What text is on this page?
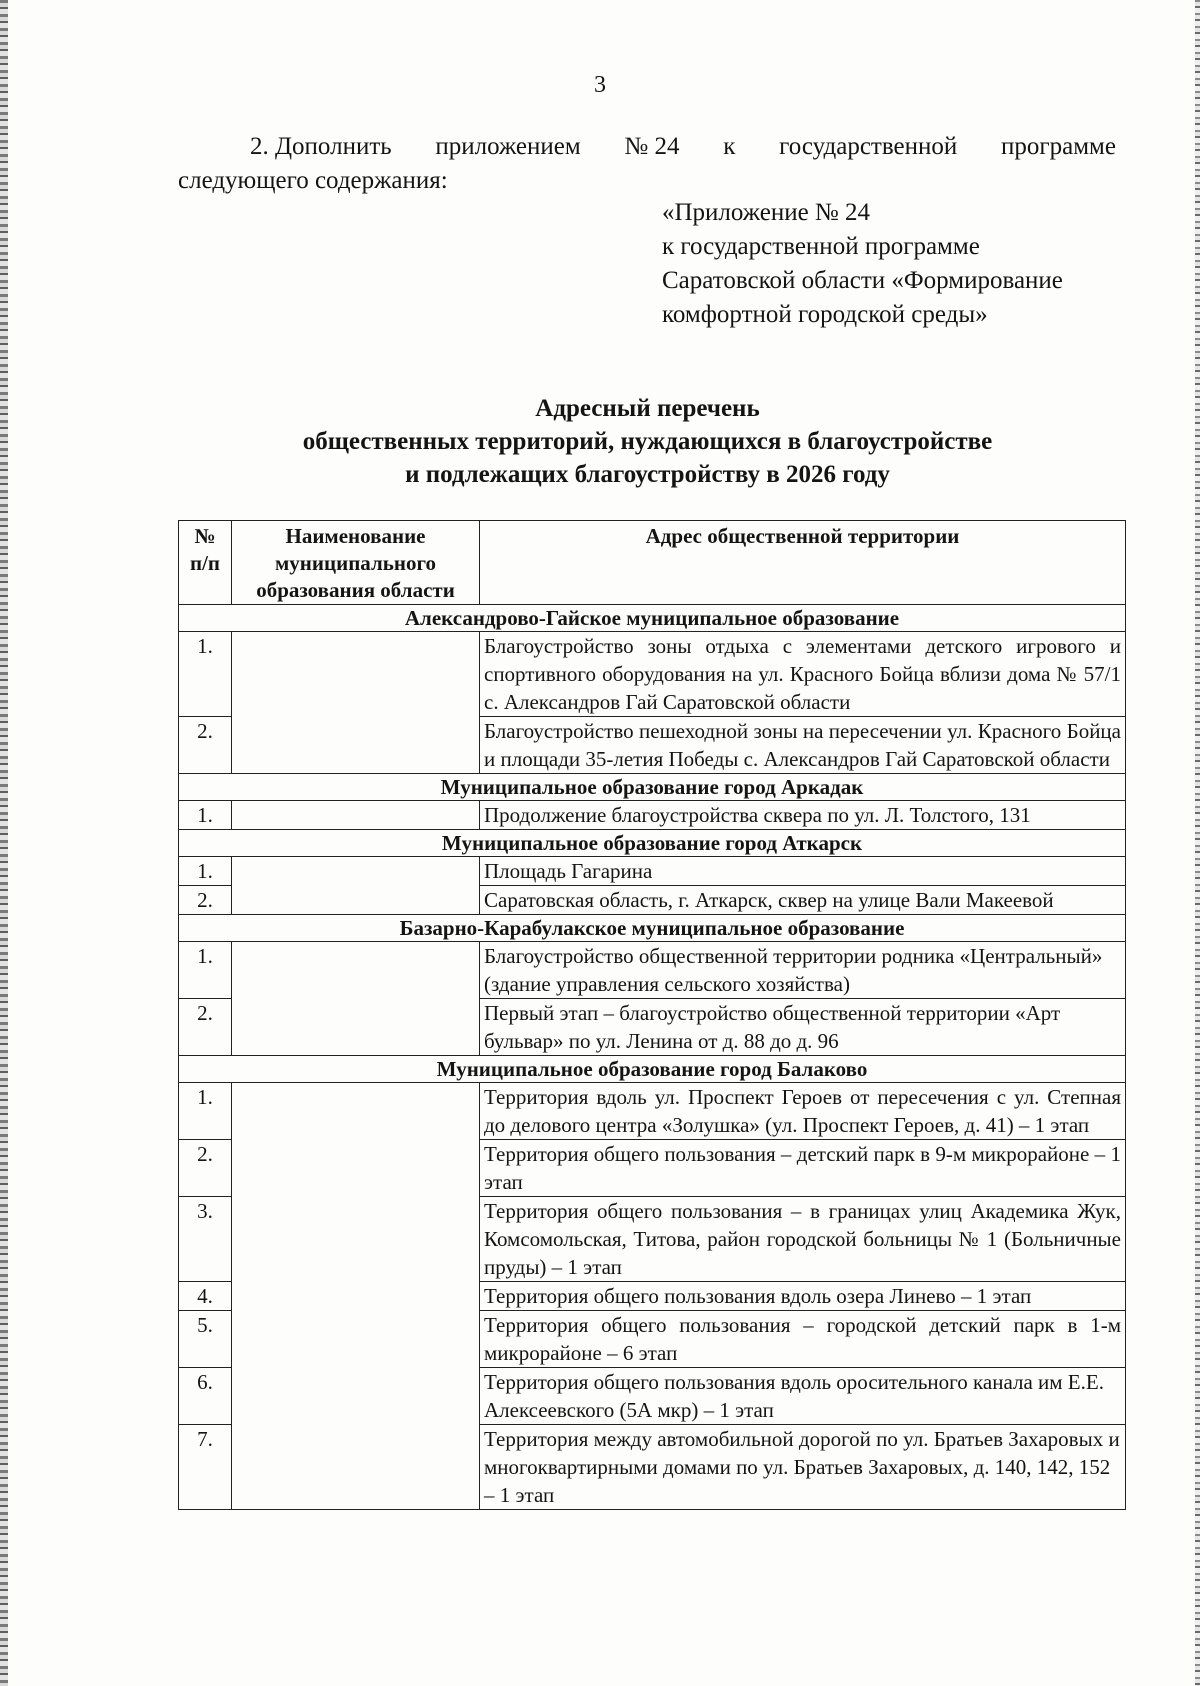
3
2. Дополнить приложением № 24 к государственной программе
следующего содержания:
«Приложение № 24
к государственной программе
Саратовской области «Формирование
комфортной городской среды»
Адресный перечень
общественных территорий, нуждающихся в благоустройстве
и подлежащих благоустройству в 2026 году
№ п/п	Наименование муниципального образования области	Адрес общественной территории
Александрово-Гайское муниципальное образование		
1.		Благоустройство зоны отдыха с элементами детского игрового и спортивного оборудования на ул. Красного Бойца вблизи дома № 57/1 с. Александров Гай Саратовской области
2.		Благоустройство пешеходной зоны на пересечении ул. Красного Бойца и площади 35-летия Победы с. Александров Гай Саратовской области
Муниципальное образование город Аркадак		
1.		Продолжение благоустройства сквера по ул. Л. Толстого, 131
Муниципальное образование город Аткарск		
1.		Площадь Гагарина
2.		Саратовская область, г. Аткарск, сквер на улице Вали Макеевой
Базарно-Карабулакское муниципальное образование		
1.		Благоустройство общественной территории родника «Центральный» (здание управления сельского хозяйства)
2.		Первый этап – благоустройство общественной территории «Арт бульвар» по ул. Ленина от д. 88 до д. 96
Муниципальное образование город Балаково		
1.		Территория вдоль ул. Проспект Героев от пересечения с ул. Степная до делового центра «Золушка» (ул. Проспект Героев, д. 41) – 1 этап
2.		Территория общего пользования – детский парк в 9-м микрорайоне – 1 этап
3.		Территория общего пользования – в границах улиц Академика Жук, Комсомольская, Титова, район городской больницы № 1 (Больничные пруды) – 1 этап
4.		Территория общего пользования вдоль озера Линево – 1 этап
5.		Территория общего пользования – городской детский парк в 1-м микрорайоне – 6 этап
6.		Территория общего пользования вдоль оросительного канала им Е.Е. Алексеевского (5А мкр) – 1 этап
7.		Территория между автомобильной дорогой по ул. Братьев Захаровых и многоквартирными домами по ул. Братьев Захаровых, д. 140, 142, 152 – 1 этап
